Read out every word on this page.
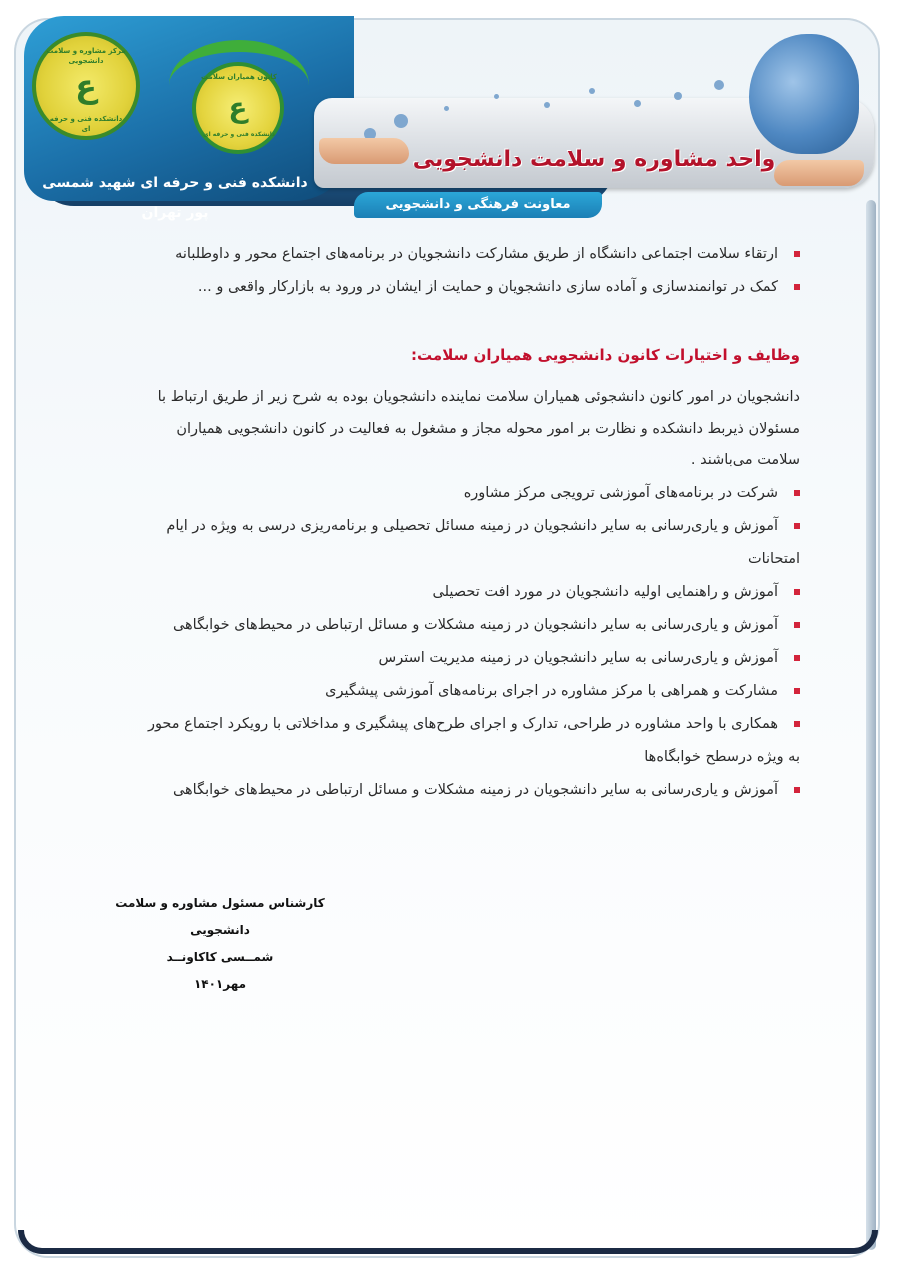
واحد مشاوره و سلامت دانشجویی
معاونت فرهنگی و دانشجویی
دانشکده فنی و حرفه ای شهید شمسی پور تهران
مرکز مشاوره و سلامت دانشجویی
ع
دانشکده فنی و حرفه ای
کانون همیاران سلامت
ع
دانشکده فنی و حرفه ای
ارتقاء سلامت اجتماعی دانشگاه از طریق مشارکت دانشجویان در برنامه‌های اجتماع محور و داوطلبانه
کمک در توانمندسازی و آماده سازی دانشجویان و حمایت از ایشان در ورود به بازارکار واقعی و ...
وظایف و اختیارات کانون دانشجویی همیاران سلامت:
دانشجویان در امور کانون دانشجوئی همیاران سلامت نماینده دانشجویان بوده به شرح زیر از طریق ارتباط با
مسئولان ذیربط دانشکده و نظارت بر امور محوله مجاز و مشغول به فعالیت در کانون دانشجویی همیاران
سلامت می‌باشند .
شرکت در برنامه‌های آموزشی ترویجی مرکز مشاوره
آموزش و یاری‌رسانی به سایر دانشجویان در زمینه مسائل تحصیلی و برنامه‌ریزی درسی به ویژه در ایام
امتحانات
آموزش و راهنمایی اولیه دانشجویان در مورد افت تحصیلی
آموزش و یاری‌رسانی به سایر دانشجویان در زمینه مشکلات و مسائل ارتباطی در محیط‌های خوابگاهی
آموزش و یاری‌رسانی به سایر دانشجویان در زمینه مدیریت استرس
مشارکت و همراهی با مرکز مشاوره در اجرای برنامه‌های آموزشی پیشگیری
همکاری با واحد مشاوره در طراحی، تدارک و اجرای طرح‌های پیشگیری و مداخلاتی با رویکرد اجتماع محور
به ویژه درسطح خوابگاه‌ها
آموزش و یاری‌رسانی به سایر دانشجویان در زمینه مشکلات و مسائل ارتباطی در محیط‌های خوابگاهی
کارشناس مسئول مشاوره و سلامت دانشجویی
شمــسی کاکاونــد
مهر۱۴۰۱
